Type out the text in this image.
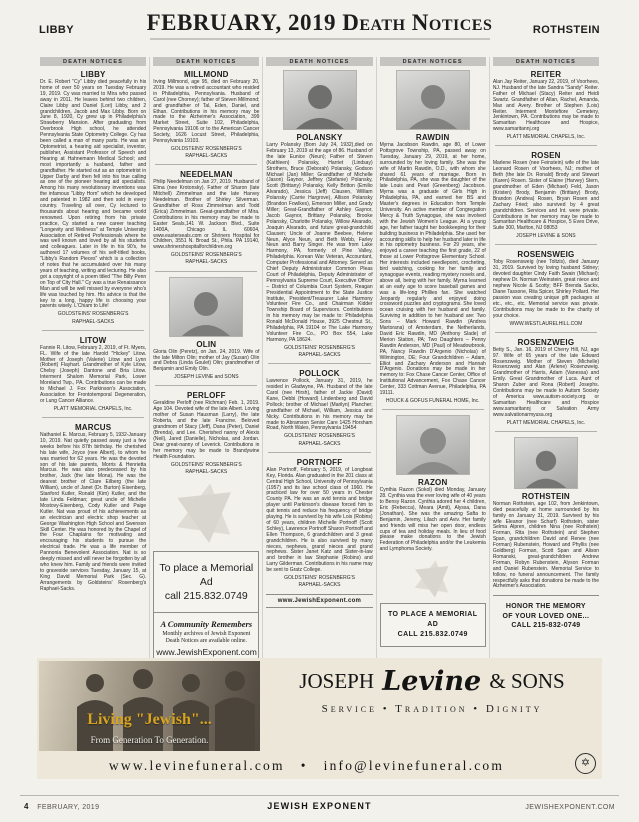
LIBBY	FEBRUARY, 2019 Death Notices	ROTHSTEIN
DEATH NOTICES
LIBBY
Dr. E. Robert "Cy" Libby died peacefully in his home of over 50 years on Tuesday February 19, 2019. Cy was married to Mira who passed away in 2011. He leaves behind two children, Claire Libby and Daniel (Lori) Libby, and 2 grandchildren, Jacob and Max Libby. Born on June 8, 1920, Cy grew up in Philadelphia's Strawberry Mansion. After graduating from Overbrook High school, he attended Pennsylvania State Optometry College. Cy has been called a man of many parts. He was an Optometrist, a hearing aid specialist, inventor, publisher, Assistant Professor of Speech and Hearing at Hahnemann Medical School; and most importantly a husband, father and grandfather. He started out as an optometrist in Upper Darby and then fell into his true calling as one of the pioneer hearing aid specialists. Among his many revolutionary inventions was the infamous "Libby Horn" which he developed and patented in 1982 and then sold in every country. Traveling all over, Cy lectured to thousands about hearing and became world renowned. Upon retiring from his private practice, Cy started a new career teaching "Longevity and Wellness" at Temple University Association of Retired Professionals where he was well known and loved by all his students and colleagues. Later in life in his 90's, he authored 17 volumes of his self-titled books, "Libby's Random Pieces" which is a collection of notes that he accumulated over his many years of teaching, writing and lecturing. He also got a copyright of a poem titled "The Billy Penn on Top of City Hall." Cy was a true Renaissance Man and will be well missed by everyone who's life was touched by him. His advice is that the key to a long, happy life is choosing your parents wisely. L'Chiam to Life!
GOLDSTEINS' ROSENBERG'S
RAPHAEL-SACKS
LITOW
Fannie R. Litow, February 2, 2019, of Ft. Myers, FL. Wife of the late Harold "Hickey" Litow. Mother of Joseph (Valerie) Litow and Lynn (Robert) Flayhart. Grandmother of Kyle Litow, Chelsy (Joseph) Dantone and Bria Litow. Interment Shalom Memorial Park, Lower Moreland Twp., PA. Contributions can be made to Michael J. Fox Parkinson's Association, Association for Frontotemporal Degeneration, or Lung Cancer Alliance.
PLATT MEMORIAL CHAPELS, Inc.
MARCUS
Nathaniel E. Marcus, February 5, 1932-January 10, 2019. Nat quietly passed away just a few weeks before his 87th birthday. He cherished his late wife, Joyce (nee Albert), to whom he was married for 62 years. He was the devoted son of his late parents, Morris & Henrietta Marcus. He was also predeceased by his brother, Jack (the late Mona). He was the dearest brother of Clare Eilberg (the late William), uncle of Janet (Dr. Burton) Eisenberg, Stanford Kutler, Ronald (Kim) Kutler, and the late Linda Feldman; great uncle of Michelle Mostovy-Eisenberg, Cody Kutler and Paige Kutler. Nat was proud of his achievements as an electrician and electric shop teacher at George Washington High School and Swenson Skill Center. He was honored by the Chapel of the Four Chaplains for motivating and encouraging his students to pursue the electrical trade. He was a life member of Pannonia Benevolent Association. Nat is so deeply missed and will never be forgotten by all who knew him. Family and friends were invited to graveside services Tuesday, January 15, at King David Memorial Park (Sec. G). Arrangements by Goldsteins' Rosenberg's Raphael-Sacks.
DEATH NOTICES
MILLMOND
Irving Millmond, age 95, died on February 20, 2019. He was a retired accountant who resided in Philadelphia, Pennsylvania. Husband of Carol (nee Chorney); father of Steven Millmond; and grandfather of Tal, Eden, Daniel, and Ethan. Contributions in his memory may be made to the Alzheimer's Association, 399 Market Street, Suite 102, Philadelphia, Pennsylvania 19106 or to the American Cancer Society, 1626 Locust Street, Philadelphia, Pennsylvania 19103.
GOLDSTEINS' ROSENBERG'S
RAPHAEL-SACKS
NEEDELMAN
Philip Needelman on Jan 27, 2019. Husband of Elma (nee Krotonsky). Father of Sharon (late Mitchell) Zimmelman and the late Harvey Needelman. Brother of Shirley Silverman. Grandfather of Ross Zimmelman and Todd (Erica) Zimmelman. Great-grandfather of Mira. Contributions in his memory may be made to Easter Seals,141 W. Jackson Blvd., Suite 1400A, Chicago IL 60604, www.easterseals.com or Shriners Hospital for Children, 3551 N. Broad St., Phila. PA 19140, www.shrinershospitalforchildren.org
GOLDSTEINS' ROSENBERG'S
RAPHAEL-SACKS
OLIN
Gloria Olin (Peretz), on Jan. 24, 2019. Wife of the late Milton Olin; mother of Jay (Susan) Olin and Debra (Linda Goulet) Olin; grandmother of Benjamin and Emily Olin.
JOSEPH LEVINE and SONS
PERLOFF
Geraldine Perloff (nee Richman) Feb. 1, 2019. Age 104. Devoted wife of the late Albert. Loving mother of Susan Hausman (Larry), the late Roberta, and the late Francine. Beloved grandmom of Stacy (Jeff), Dana (Peter), Daniel (Brenda), and Lee. Cherished nanny of Alexis (Neil), Jared (Danielle), Nicholas, and Jordan. Dear great-nanny of Leverick. Contributions in her memory may be made to Brandywine Health Foundation.
GOLDSTEINS' ROSENBERG'S
RAPHAEL-SACKS
To place a Memorial Ad
call 215.832.0749
A Community Remembers
Monthly archives of Jewish Exponent Death Notices are available online.
www.JewishExponent.com
DEATH NOTICES
POLANSKY
Larry Polansky (Born July 24, 1932),died on February 13, 2019 at the age of 86. Husband of the late Eunice (Neun); Father of Steven (Kathleen) Polansky, Harriet (Lindsay) Strothers, Bruce (Deborah) Polansky, Godson Michael (Jan) Miller; Grandfather of Michelle (Jason) Gaynor, Jeffrey (Stefanie) Polansky, Scott (Brittany) Polansky, Kelly Britton (Emilio Alvarado), Jessica (Jeff) Clausen, William Polansky (Carrie Hargrove), Allison Polansky (Brandon Fowlkes), Emerson Miller, and Grady Miller; Great-Grandfather of Ashley Gaynor, Jacob Gaynor, Brittany Polansky, Brooke Polansky, Charlotte Polansky, Willow Alvarado, Joaquin Alvarado, and future great-grandchild Clausen; Uncle of Joanne Beebee, Helene Neun, Alyce Neun, and Beth Webb, Farley Neun and Barry Singer. He was from Lake Harmony, PA, formerly of Pine Valley, Philadelphia. Korean War Veteran, Accountant, Computer Professional and Attorney. Served as Chief Deputy Administrator Common Pleas Court of Philadelphia, Deputy Administrator of Pennsylvania Supreme Court, Executive Officer – District of Columbia Court System, Reagan Presidential Appointment to the State Justice Institute, President/Treasurer Lake Harmony Volunteer Fire Co., and Chairman Kidder Township Board of Supervisors. Contributions in his memory may be made to: Philadelphia Ronald McDonald House, 3925 Chestnut St., Philadelphia, PA 19104 or The Lake Harmony Volunteer Fire Co., PO Box 554, Lake Harmony, PA 18624.
GOLDSTEINS' ROSENBERG'S
RAPHAEL-SACKS
POLLOCK
Lawrence Pollock, January 31, 2019, he resided in Gladwyne, PA. Husband of the late Carol (nee Hirsh), father of Jackie (David) Kane, Debbi (Howard) Lindenberg and David Pollock; brother of Michael (Marilyn) Plancher; grandfather of Michael, William, Jessica and Nicky. Contributions in his memory may be made to Abramson Senior Care 1425 Horsham Road, North Wales, Pennsylvania 19454
GOLDSTEINS' ROSENBERG'S
RAPHAEL-SACKS
PORTNOFF
Alan Portnoff, February 5, 2019, of Longboat Key, Florida. Alan graduated in the 201 class at Central High School, University of Pennsylvania (1957) and its law school class of 1960. He practiced law for over 50 years in Chester County PA. He was an avid tennis and bridge player until Parkinson's disease forced him to quit tennis and reduce his frequency of bridge playing. He is survived by his wife Lois (Robins) of 60 years, children Michelle Portnoff (Scott Schley), Lawrence Portnoff Sharon Portnoff and Ellen Thompson, 6 grandchildren and 3 great grandchildren. He is also survived by many nieces, nephews, grand nieces and grand nephews. Sister Janet Katz and Sister-in-law and brother in law Stephanie (Robins) and Larry Gilderman. Contributions in his name may be sent to Gratz College.
GOLDSTEINS' ROSENBERG'S
RAPHAEL-SACKS
www.JewishExponent.com
DEATH NOTICES
RAWDIN
Myrna Jacobson Rawdin, age 80, of Lower Pottsgrove Township, PA, passed away on Tuesday, January 29, 2019, at her home, surrounded by her loving family. She was the wife of Martin Rawdin, O.D., with whom she shared 61 years of marriage. Born in Philadelphia, PA, she was the daughter of the late Louis and Pearl (Greenberg) Jacobson. Myrna was a graduate of Girls High in Philadelphia, PA, and earned her BS and Master's degrees in Education from Temple University. An active member of Congregation Mercy & Truth Synagogue, she was involved with the Jewish Women's League. At a young age, her father taught her bookkeeping for their building business in Philadelphia. She used her accounting skills to help her husband later in life in his optometry business. For 29 years, she enjoyed a career teaching the first grade, 22 of those at Lower Pottsgrove Elementary School. Her interests included needlepoint, crocheting, bird watching, cooking for her family and synagogue events, reading mystery novels and, above all, being with her family. Myrna learned at an early age to score baseball games and was a life-long Phillies fan. She watched Jeopardy regularly and enjoyed doing crossword puzzles and cryptograms. She loved ocean cruising with her husband and family. Surviving in addition to her husband are: Two Sons – Mark Howard Rawdin (Andrea Martorana) of Amsterdam, the Netherlands, David Eric Rawdin, MD (Anthony Slade) of Merion Station, PA; Two Daughters – Penny Rawdin Anderson, MD (Paul) of Meadowbrook, PA, Nancy Rawdin D'Argenio (Nicholas) of Wilmington, DE; Four Grandchildren – Adam, Elliot and Zachary Anderson and Hannah D'Argenio. Donations may be made in her memory to: Fox Chase Cancer Center, Office of Institutional Advancement, Fox Chase Cancer Center, 333 Cottman Avenue, Philadelphia, PA 19111.
HOUCK & GOFUS FUNERAL HOME, Inc.
RAZON
Cynthia Razon (Sokol) died Monday, January 28. Cynthia was the ever loving wife of 40 years to Bensy Razon. Cynthia adored her 4 children, Eric (Rebecca), Meara (Amit), Alyssa, Dana (Jonathan). She was the amazing Safta to Benjamin, Jeremy, Lilach and Aviv. Her family and friends will miss her open door, endless cups of tea and holiday meals. In lieu of food please make donations to the Jewish Federation of Philadelphia and/or the Leukemia and Lymphoma Society.
TO PLACE A MEMORIAL AD
CALL 215.832.0749
DEATH NOTICES
REITER
Alan Jay Reiter, January 22, 2019, of Voorhees, NJ. Husband of the late Sandra "Sandy" Reiter. Father of Michael (Stacy) Reiter and Heidi Swartz. Grandfather of Allan, Rachel, Amanda, Max and Avery. Brother of Stephen (Lois) Reiter. Interment Montefiore Cemetery, Jenkintown, PA. Contributions may be made to Samaritan Healthcare and Hospice, www.samaritannj.org
PLATT MEMORIAL CHAPELS, Inc.
ROSEN
Marlene Rosen (nee Feinstein) wife of the late Leonard Rosen of Voorhees, NJ; mother of Beth (the late Dr. Ronald) Brody and Stewart (Karen) Rosen. Sister of Elaine (Harvey) Stern, grandmother of Eden (Michael) Feld, Jason (Kristen) Brody, Benjamin (Brittany) Brody, Brandon (Andrea) Rosen, Bryan Rosen and Zachary Fried; also survived by 4 great grandchildren. Services and Int. were private. Contributions in her memory may be made to Samaritan Healthcare & Hospice, 5 Eves Drive, Suite 300, Marlton, NJ 08053
JOSEPH LEVINE & SONS
ROSENSWEIG
Toby Rosensweig (nee Toltzis), died January 31, 2019. Survived by loving husband Sidney; devoted daughter Cindy Faith Swain (Michael); nephew Dr. Norman Weinstein, great niece and nephew Nicole & Scotty; BFF Brenda Sacks, Diane Tassone, Rita Spicer, Shirley Pollard. Her passion was creating unique gift packages at etc., etc., etc. Memorial service was private. Contributions may be made to the charity of your choice.
WWW.WESTLAURELHILL.COM
ROSENZWEIG
Betty S., Jan. 16, 2019 of Cherry Hill, NJ, age 97. Wife of 65 years of the late Edward Rosenzweig. Mother of Steven (Michelle) Rosenzweig and Alan (Arlene) Rosenzweig. Grandmother of Harris, Adam (Vanessa) and Emily. Great Grandmother of Luca. Aunt of Sharon Zuber and Rona (Robert) Josephs. Contributions may be made to Autism Society of America www.autism-society.org or Samaritan Healthcare and Hospice www.samaritannj or Salvation Army www.salvationarmyusa.org
PLATT MEMORIAL CHAPELS, Inc.
ROTHSTEIN
Norman Rothstein, age 102, from Jenkintown, died peacefully at home surrounded by his family on January 31, 2019. Survived by his wife Eleanor (nee Scharf) Rothstein, sister Selma Alpren, children Nina (nee Rothstein) Forman, Rita (nee Rothstein) and Stephen Span, grandchildren David and Renee (nee Forman) Rubenstein, Howard and Phyllis (nee Goldberg) Forman, Scott Span and Alison Romanski, great-grandchildren Andrew Forman, Robyn Rubenstein, Alyson Forman and Daniel Rubenstein. Memorial Service to follow, no funeral announcement. The family respectfully asks that donations be made to the Alzheimer's Association.
HONOR THE MEMORY
OF YOUR LOVED ONE...
CALL 215-832-0749
Living "Jewish"...
From Generation To Generation.
JOSEPH Levine & SONS
Service • Tradition • Dignity
www.levinefuneral.com • info@levinefuneral.com	✡
4 FEBRUARY, 2019	JEWISH EXPONENT	JEWISHEXPONENT.COM
